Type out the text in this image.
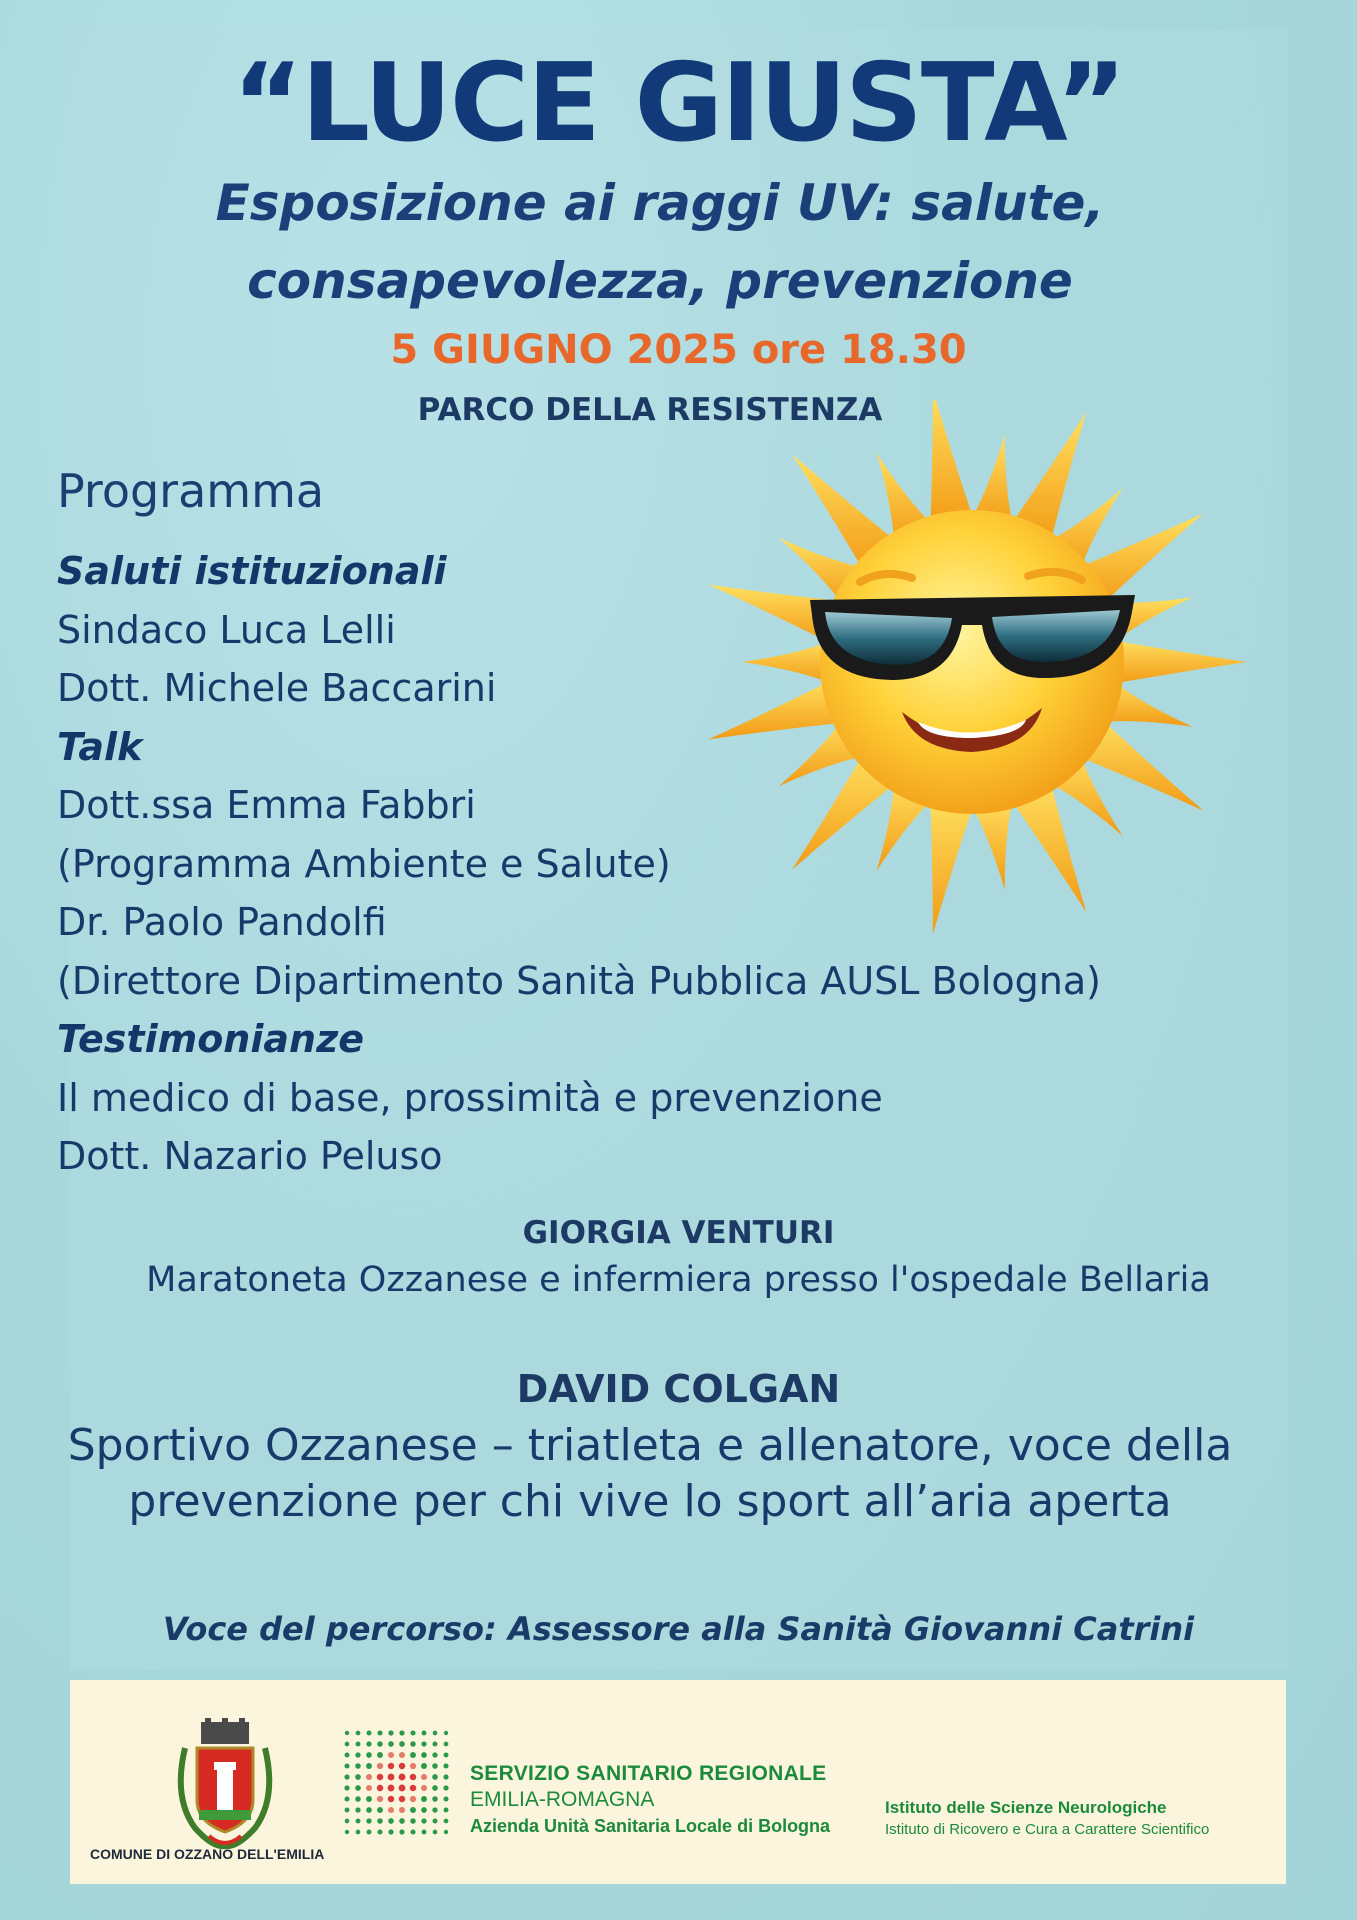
“LUCE GIUSTA”

Esposizione ai raggi UV: salute,

consapevolezza, prevenzione

5 GIUGNO 2025 ore 18.30

PARCO DELLA RESISTENZA

Programma

Saluti istituzionali
Sindaco Luca Lelli
Dott. Michele Baccarini
Talk
Dott.ssa Emma Fabbri
(Programma Ambiente e Salute)
Dr. Paolo Pandolfi
(Direttore Dipartimento Sanità Pubblica AUSL Bologna)
Testimonianze
Il medico di base, prossimità e prevenzione
Dott. Nazario Peluso

GIORGIA VENTURI

Maratoneta Ozzanese e infermiera presso l'ospedale Bellaria

DAVID COLGAN

Sportivo Ozzanese – triatleta e allenatore, voce della
prevenzione per chi vive lo sport all’aria aperta

Voce del percorso: Assessore alla Sanità Giovanni Catrini

COMUNE DI OZZANO DELL'EMILIA
SERVIZIO SANITARIO REGIONALE
EMILIA-ROMAGNA
Azienda Unità Sanitaria Locale di Bologna
Istituto delle Scienze Neurologiche
Istituto di Ricovero e Cura a Carattere Scientifico
